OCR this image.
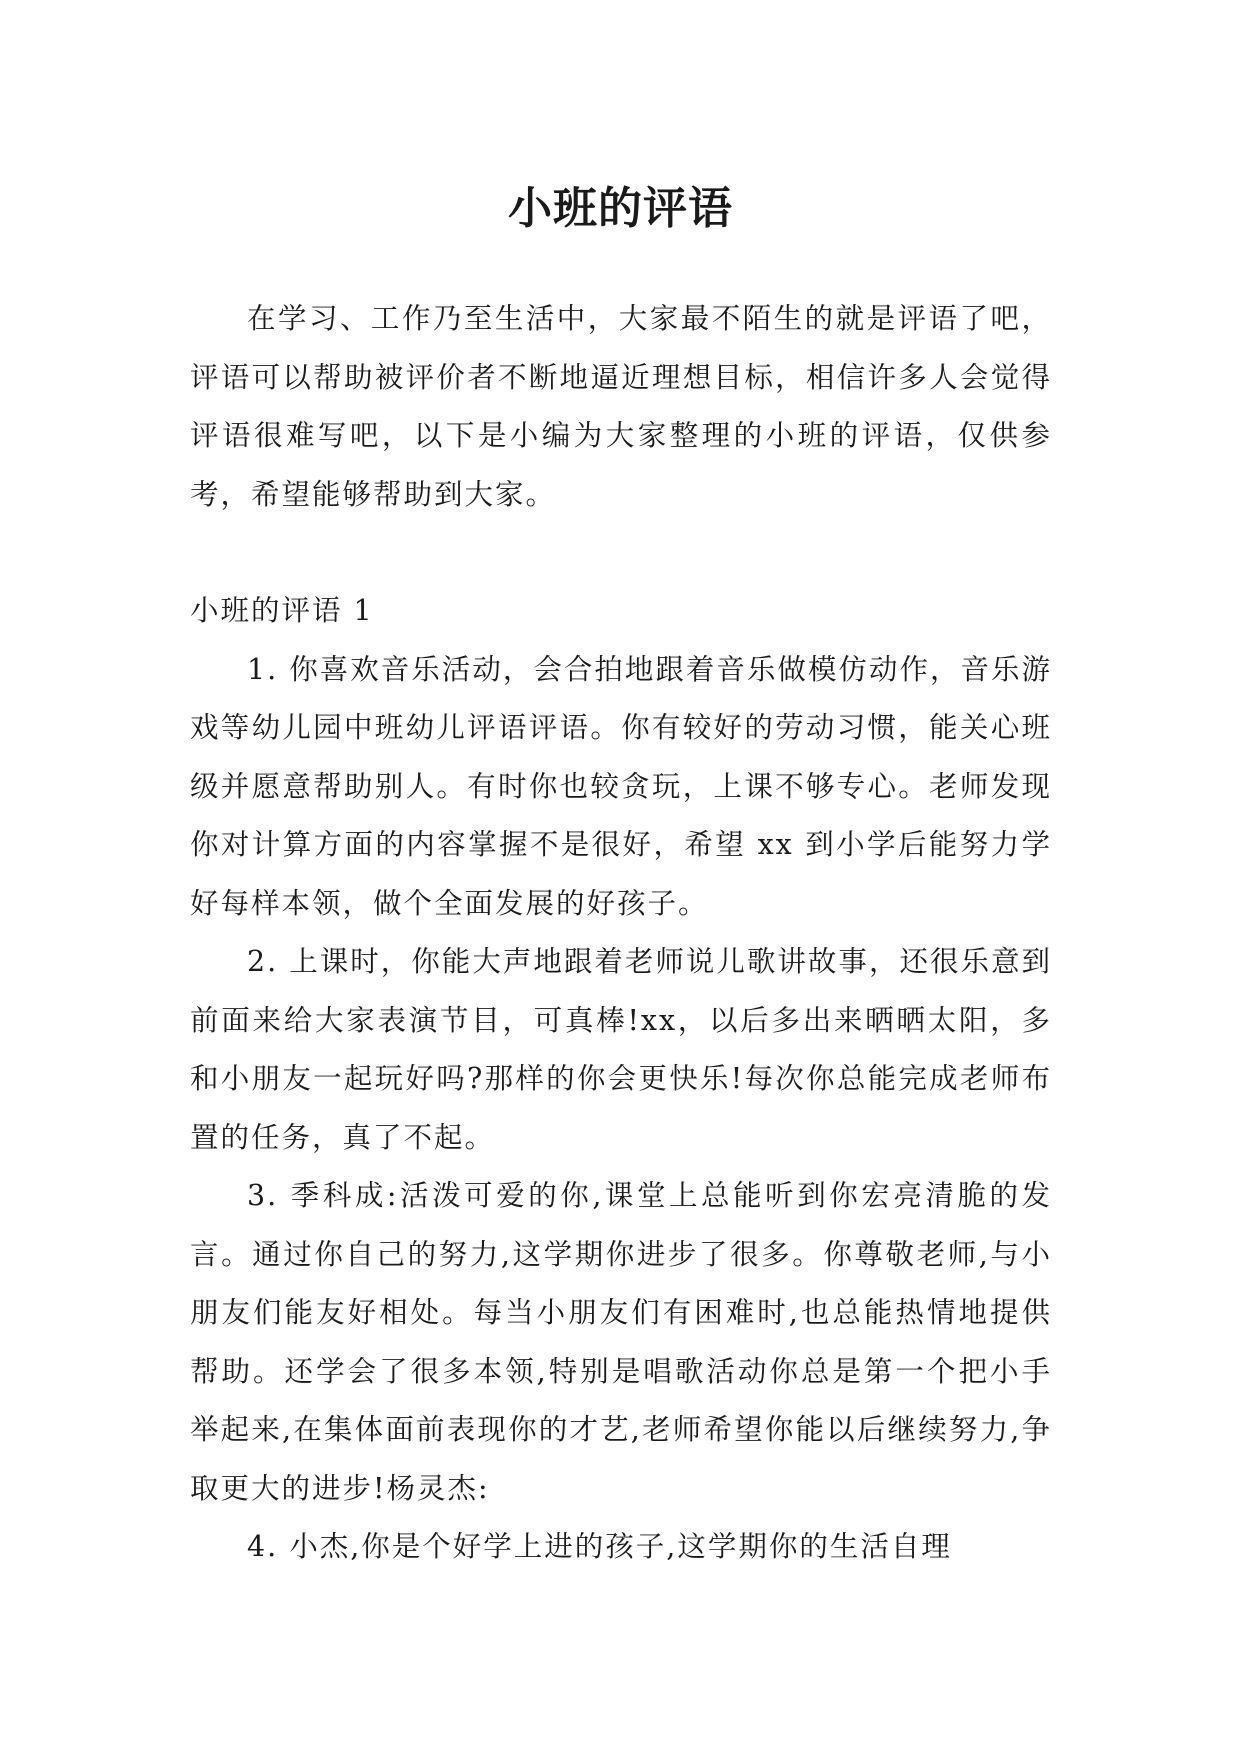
小班的评语

在学习、工作乃至生活中，大家最不陌生的就是评语了吧，评语可以帮助被评价者不断地逼近理想目标，相信许多人会觉得评语很难写吧，以下是小编为大家整理的小班的评语，仅供参考，希望能够帮助到大家。

小班的评语 1

1. 你喜欢音乐活动，会合拍地跟着音乐做模仿动作，音乐游戏等幼儿园中班幼儿评语评语。你有较好的劳动习惯，能关心班级并愿意帮助别人。有时你也较贪玩，上课不够专心。老师发现你对计算方面的内容掌握不是很好，希望 xx 到小学后能努力学好每样本领，做个全面发展的好孩子。

2. 上课时，你能大声地跟着老师说儿歌讲故事，还很乐意到前面来给大家表演节目，可真棒!xx，以后多出来晒晒太阳，多和小朋友一起玩好吗?那样的你会更快乐!每次你总能完成老师布置的任务，真了不起。

3. 季科成:活泼可爱的你,课堂上总能听到你宏亮清脆的发言。通过你自己的努力,这学期你进步了很多。你尊敬老师,与小朋友们能友好相处。每当小朋友们有困难时,也总能热情地提供帮助。还学会了很多本领,特别是唱歌活动你总是第一个把小手举起来,在集体面前表现你的才艺,老师希望你能以后继续努力,争取更大的进步!杨灵杰:

4. 小杰,你是个好学上进的孩子,这学期你的生活自理
